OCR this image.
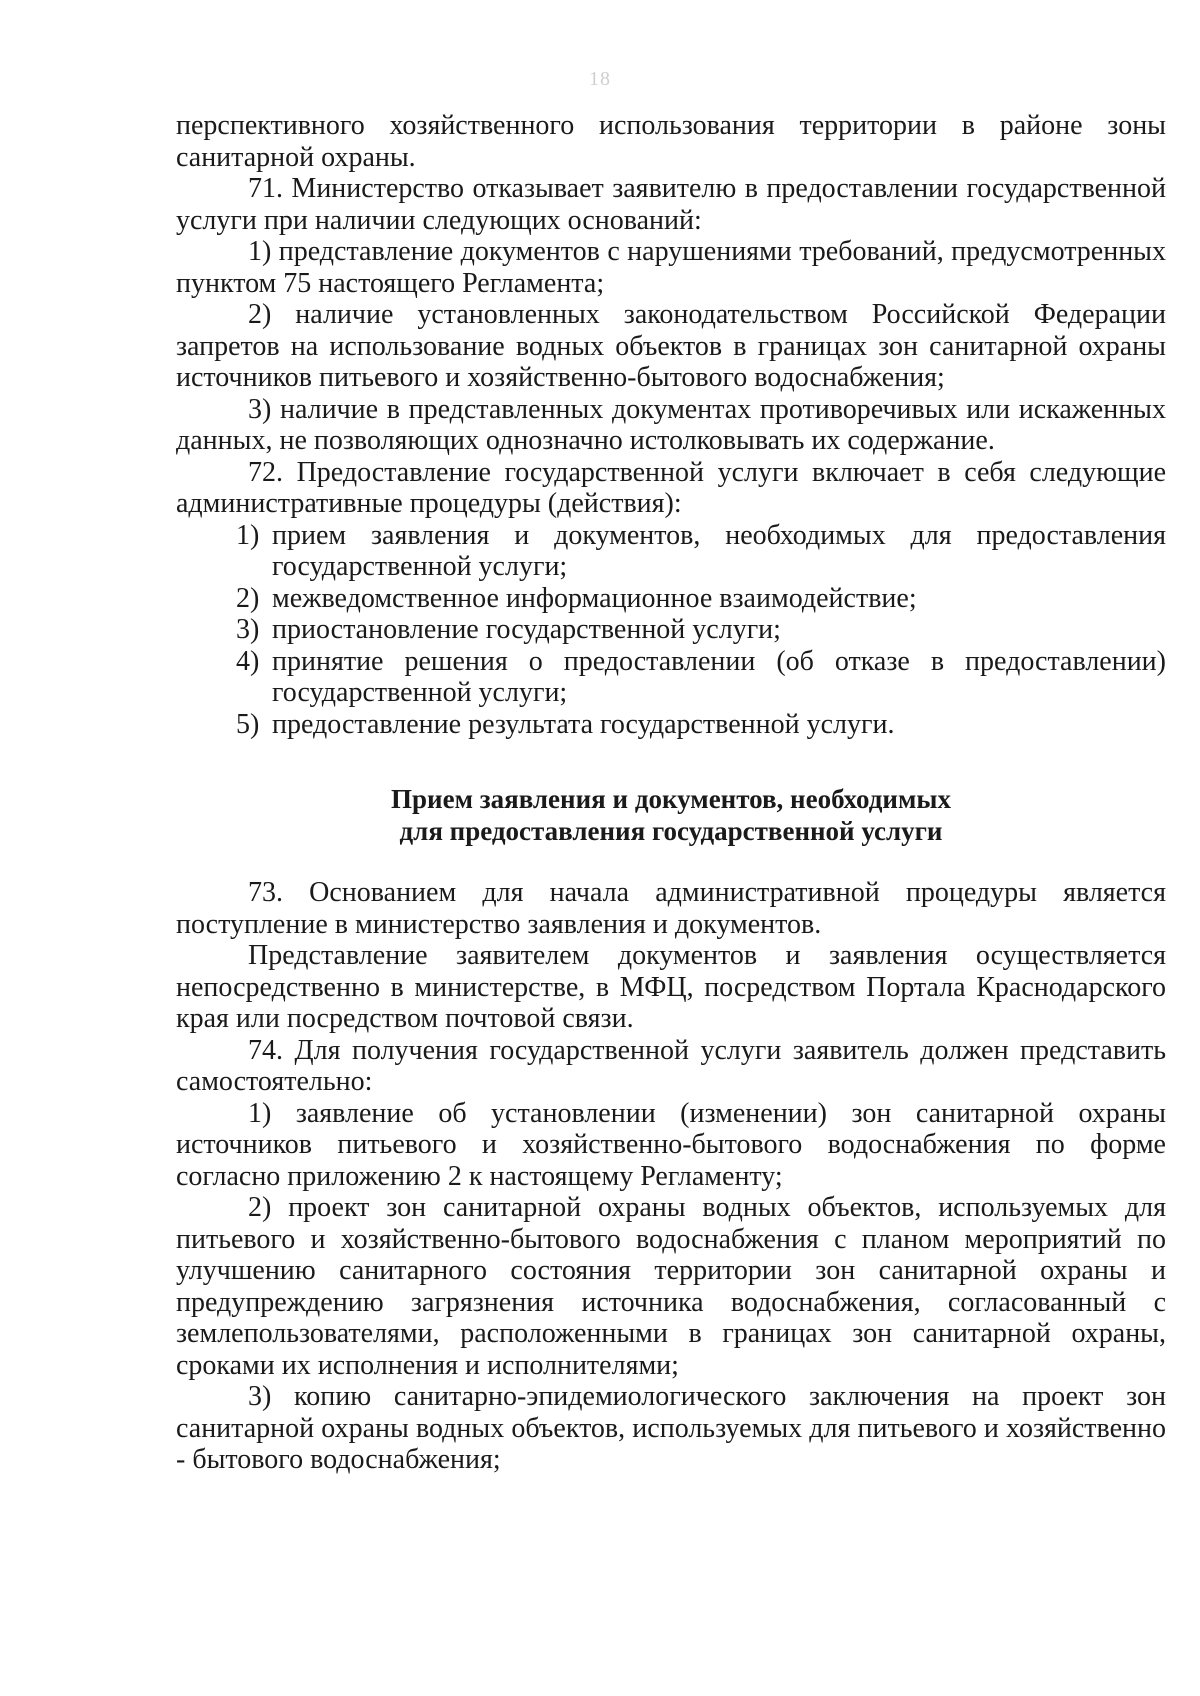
18

перспективного хозяйственного использования территории в районе зоны санитарной охраны.

71. Министерство отказывает заявителю в предоставлении государственной услуги при наличии следующих оснований:

1) представление документов с нарушениями требований, предусмотренных пунктом 75 настоящего Регламента;

2) наличие установленных законодательством Российской Федерации запретов на использование водных объектов в границах зон санитарной охраны источников питьевого и хозяйственно-бытового водоснабжения;

3) наличие в представленных документах противоречивых или искаженных данных, не позволяющих однозначно истолковывать их содержание.

72. Предоставление государственной услуги включает в себя следующие административные процедуры (действия):

1) прием заявления и документов, необходимых для предоставления государственной услуги;
2) межведомственное информационное взаимодействие;
3) приостановление государственной услуги;
4) принятие решения о предоставлении (об отказе в предоставлении) государственной услуги;
5) предоставление результата государственной услуги.
Прием заявления и документов, необходимых
для предоставления государственной услуги

73. Основанием для начала административной процедуры является поступление в министерство заявления и документов.

Представление заявителем документов и заявления осуществляется непосредственно в министерстве, в МФЦ, посредством Портала Краснодарского края или посредством почтовой связи.

74. Для получения государственной услуги заявитель должен представить самостоятельно:

1) заявление об установлении (изменении) зон санитарной охраны источников питьевого и хозяйственно-бытового водоснабжения по форме согласно приложению 2 к настоящему Регламенту;

2) проект зон санитарной охраны водных объектов, используемых для питьевого и хозяйственно-бытового водоснабжения с планом мероприятий по улучшению санитарного состояния территории зон санитарной охраны и предупреждению загрязнения источника водоснабжения, согласованный с землепользователями, расположенными в границах зон санитарной охраны, сроками их исполнения и исполнителями;

3) копию санитарно-эпидемиологического заключения на проект зон санитарной охраны водных объектов, используемых для питьевого и хозяйственно - бытового водоснабжения;
